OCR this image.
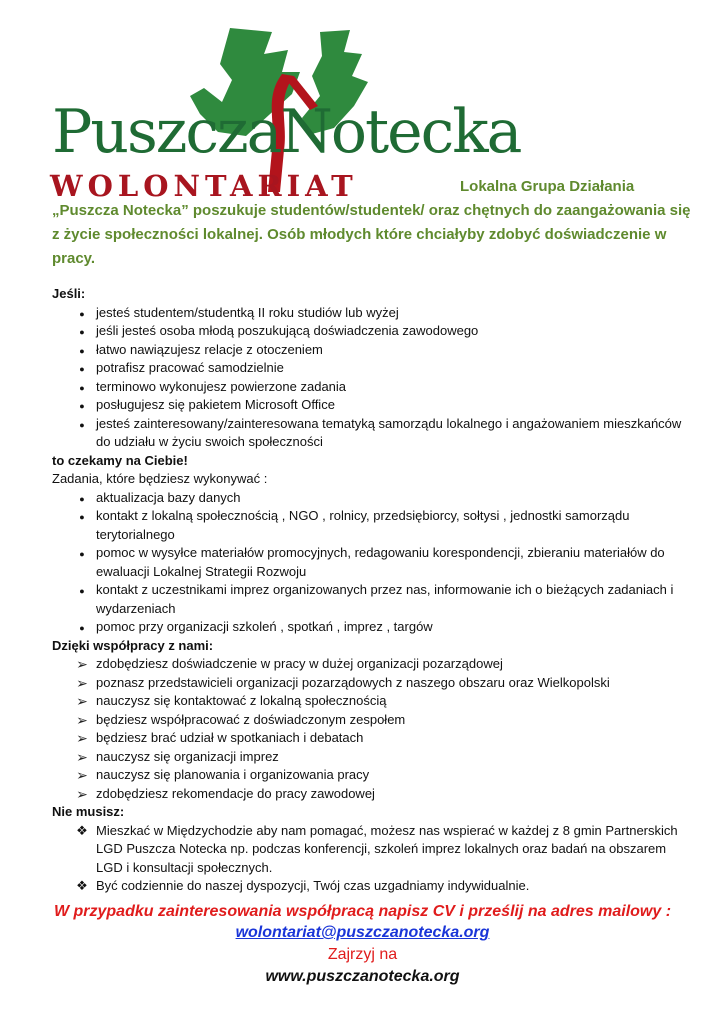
PuszczaNotecka
WOLONTARIAT	Lokalna Grupa Działania „Puszcza Notecka” poszukuje studentów/studentek/ oraz chętnych do zaangażowania się z życie społeczności lokalnej. Osób młodych które chciałyby zdobyć doświadczenie w pracy.
Jeśli:
●
jesteś studentem/studentką II roku studiów lub wyżej
●
jeśli jesteś osoba młodą poszukującą doświadczenia zawodowego
●
łatwo nawiązujesz relacje z otoczeniem
●
potrafisz pracować samodzielnie
●
terminowo wykonujesz powierzone zadania
●
posługujesz się pakietem Microsoft Office
●
jesteś zainteresowany/zainteresowana tematyką samorządu lokalnego i angażowaniem mieszkańców do udziału w życiu swoich społeczności
to czekamy na Ciebie!
Zadania, które będziesz wykonywać :
●
aktualizacja bazy danych
●
kontakt z lokalną społecznością , NGO , rolnicy, przedsiębiorcy, sołtysi , jednostki samorządu terytorialnego
●
pomoc w wysyłce materiałów promocyjnych, redagowaniu korespondencji, zbieraniu materiałów do ewaluacji Lokalnej Strategii Rozwoju
●
kontakt z uczestnikami imprez organizowanych przez nas, informowanie ich o bieżących zadaniach i wydarzeniach
●
pomoc przy organizacji szkoleń , spotkań , imprez , targów
Dzięki współpracy z nami:
➢
zdobędziesz doświadczenie w pracy w dużej organizacji pozarządowej
➢
poznasz przedstawicieli organizacji pozarządowych z naszego obszaru oraz Wielkopolski
➢
nauczysz się kontaktować z lokalną społecznością
➢
będziesz współpracować z doświadczonym zespołem
➢
będziesz brać udział w spotkaniach i debatach
➢
nauczysz się organizacji imprez
➢
nauczysz się planowania i organizowania pracy
➢
zdobędziesz rekomendacje do pracy zawodowej
Nie musisz:
❖
Mieszkać w Międzychodzie aby nam pomagać, możesz nas wspierać w każdej z 8 gmin Partnerskich LGD Puszcza Notecka np. podczas konferencji, szkoleń imprez lokalnych oraz badań na obszarem LGD i konsultacji społecznych.
❖
Być codziennie do naszej dyspozycji, Twój czas uzgadniamy indywidualnie.
W przypadku zainteresowania współpracą napisz CV i prześlij na adres mailowy :
wolontariat@puszczanotecka.org
Zajrzyj na
www.puszczanotecka.org
